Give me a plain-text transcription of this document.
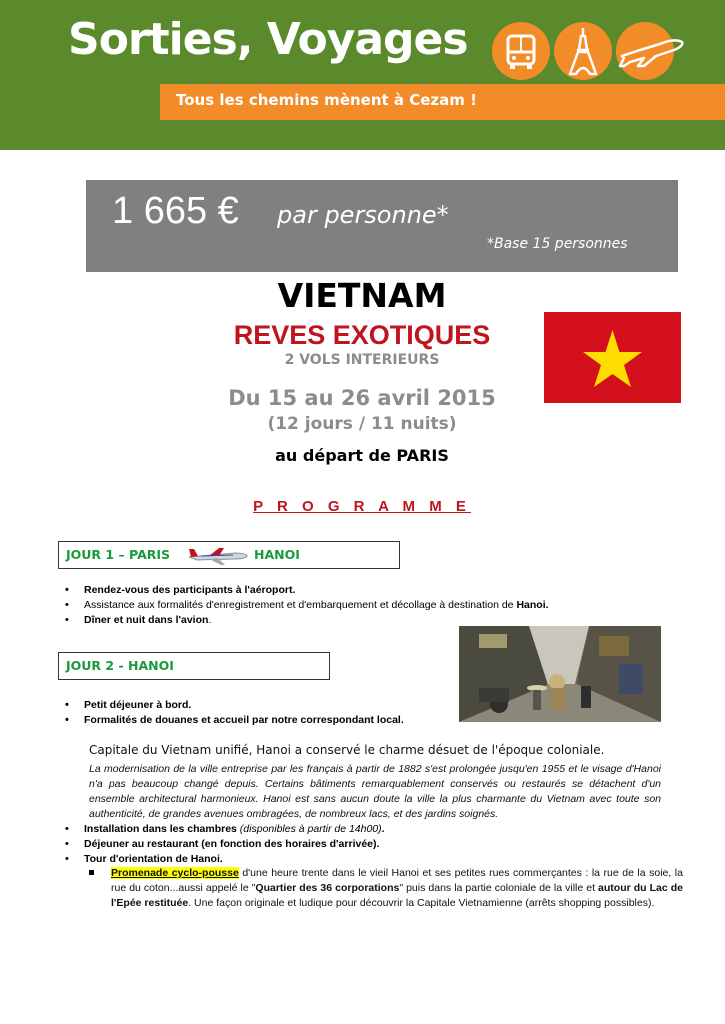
Sorties, Voyages
Tous les chemins mènent à Cezam !
1 665 € par personne*
*Base 15 personnes
VIETNAM
REVES EXOTIQUES
2 VOLS INTERIEURS
Du 15 au 26 avril 2015
(12 jours / 11 nuits)
au départ de PARIS
P R O G R A M M E
JOUR 1 – PARIS	HANOI
• Rendez-vous des participants à l'aéroport.
• Assistance aux formalités d'enregistrement et d'embarquement et décollage à destination de Hanoi.
• Dîner et nuit dans l'avion.
JOUR 2 - HANOI
• Petit déjeuner à bord.
• Formalités de douanes et accueil par notre correspondant local.
Capitale du Vietnam unifié, Hanoi a conservé le charme désuet de l'époque coloniale.
La modernisation de la ville entreprise par les français à partir de 1882 s'est prolongée jusqu'en 1955 et le visage d'Hanoi n'a pas beaucoup changé depuis. Certains bâtiments remarquablement conservés ou restaurés se détachent d'un ensemble architectural harmonieux. Hanoi est sans aucun doute la ville la plus charmante du Vietnam avec toute son authenticité, de grandes avenues ombragées, de nombreux lacs, et des jardins soignés.
• Installation dans les chambres (disponibles à partir de 14h00).
• Déjeuner au restaurant (en fonction des horaires d'arrivée).
• Tour d'orientation de Hanoi.
Promenade cyclo-pousse d'une heure trente dans le vieil Hanoi et ses petites rues commerçantes : la rue de la soie, la rue du coton...aussi appelé le "Quartier des 36 corporations" puis dans la partie coloniale de la ville et autour du Lac de l'Epée restituée. Une façon originale et ludique pour découvrir la Capitale Vietnamienne (arrêts shopping possibles).
